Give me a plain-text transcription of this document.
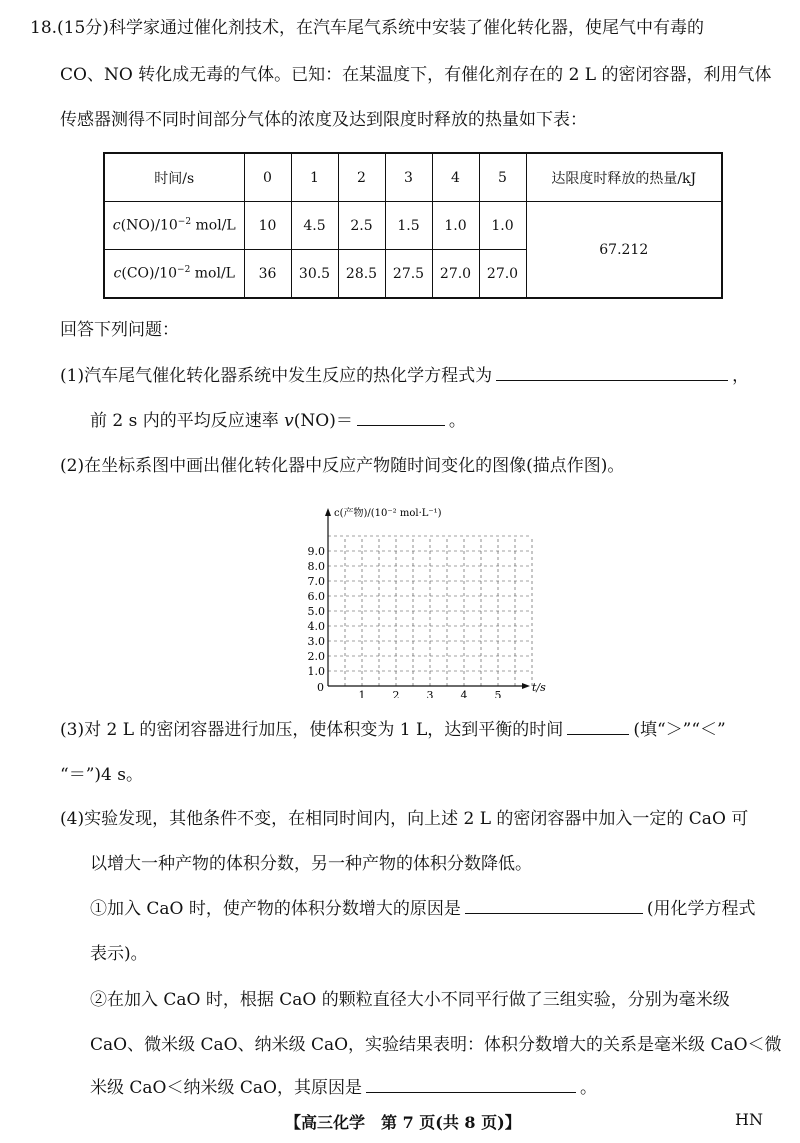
18.(15分)科学家通过催化剂技术，在汽车尾气系统中安装了催化转化器，使尾气中有毒的
CO、NO 转化成无毒的气体。已知：在某温度下，有催化剂存在的 2 L 的密闭容器，利用气体
传感器测得不同时间部分气体的浓度及达到限度时释放的热量如下表：
时间/s	0	1	2	3	4	5	达限度时释放的热量/kJ
$c(NO)/10^{-2}$ mol/L	10	4.5	2.5	1.5	1.0	1.0	67.212
$c(CO)/10^{-2}$ mol/L	36	30.5	28.5	27.5	27.0	27.0	
回答下列问题：
(1)汽车尾气催化转化器系统中发生反应的热化学方程式为	，
前 2 s 内的平均反应速率 v(NO)＝	。
(2)在坐标系图中画出催化转化器中反应产物随时间变化的图像(描点作图)。
c(产物)/(10⁻² mol·L⁻¹)
t/s
0
1.0
2.0
3.0
4.0
5.0
6.0
7.0
8.0
9.0
1 2 3 4 5
(3)对 2 L 的密闭容器进行加压，使体积变为 1 L，达到平衡的时间	(填“＞”“＜”
“＝”)4 s。
(4)实验发现，其他条件不变，在相同时间内，向上述 2 L 的密闭容器中加入一定的 CaO 可
以增大一种产物的体积分数，另一种产物的体积分数降低。
①加入 CaO 时，使产物的体积分数增大的原因是	(用化学方程式
表示)。
②在加入 CaO 时，根据 CaO 的颗粒直径大小不同平行做了三组实验，分别为毫米级
CaO、微米级 CaO、纳米级 CaO，实验结果表明：体积分数增大的关系是毫米级 CaO＜微
米级 CaO＜纳米级 CaO，其原因是	。
【高三化学　第 7 页(共 8 页)】	HN
